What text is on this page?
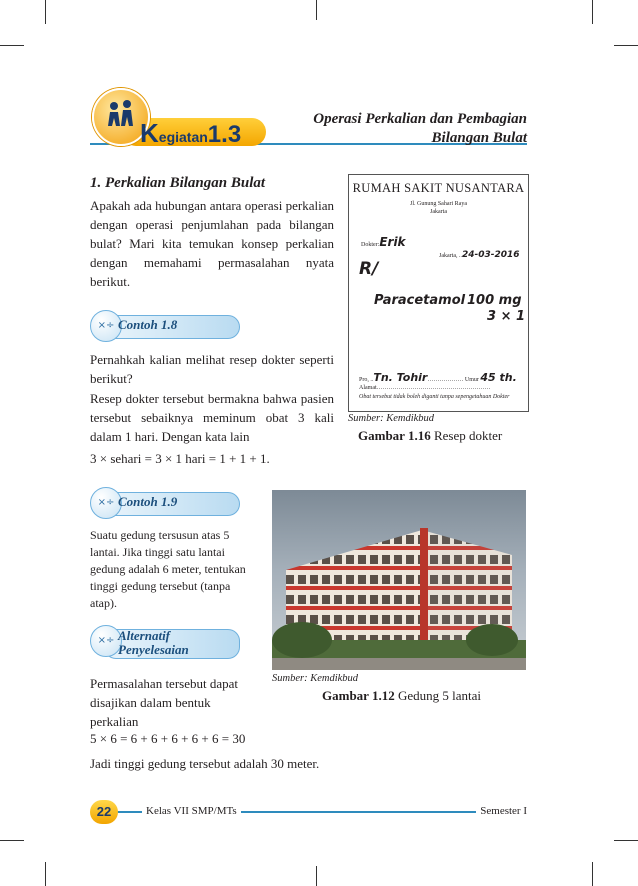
Kegiatan1.3
Operasi Perkalian dan Pembagian
Bilangan Bulat
1. Perkalian Bilangan Bulat
Apakah ada hubungan antara operasi perkalian dengan operasi penjumlahan pada bilangan bulat? Mari kita temukan konsep perkalian dengan memahami permasalahan nyata berikut.
×÷ Contoh 1.8
Pernahkah kalian melihat resep dokter seperti berikut?
Resep dokter tersebut bermakna bahwa pasien tersebut sebaiknya meminum obat 3 kali dalam 1 hari. Dengan kata lain
3 × sehari = 3 × 1 hari = 1 + 1 + 1.
RUMAH SAKIT NUSANTARA
Jl. Gunung Sahari Raya
Jakarta
Dokter:Erik
Jakarta, ..24-03-2016
R/
Paracetamol 100 mg
3 × 1
Pro, ..Tn. Tohir……………… Umur 45 th.
Alamat…………………………………………………
Obat tersebut tidak boleh diganti tanpa sepengetahuan Dokter
Sumber: Kemdikbud
Gambar 1.16 Resep dokter
×÷ Contoh 1.9
Suatu gedung tersusun atas 5 lantai. Jika tinggi satu lantai gedung adalah 6 meter, tentukan tinggi gedung tersebut (tanpa atap).
Sumber: Kemdikbud
Gambar 1.12 Gedung 5 lantai
×÷ Alternatif
Penyelesaian
Permasalahan tersebut dapat disajikan dalam bentuk perkalian
5 × 6 = 6 + 6 + 6 + 6 + 6 = 30
Jadi tinggi gedung tersebut adalah 30 meter.
22	Kelas VII SMP/MTs	Semester I
